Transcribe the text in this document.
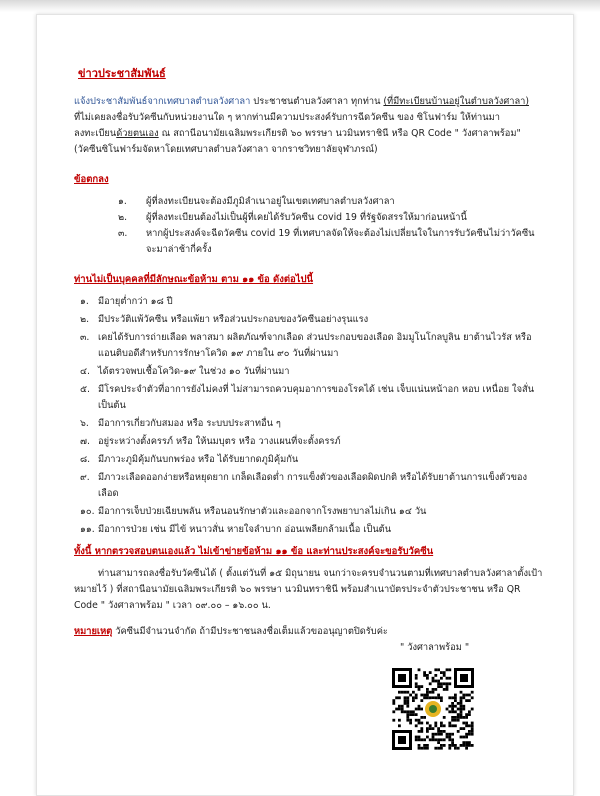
ข่าวประชาสัมพันธ์
แจ้งประชาสัมพันธ์จากเทศบาลตำบลวังศาลา ประชาชนตำบลวังศาลา ทุกท่าน (ที่มีทะเบียนบ้านอยู่ในตำบลวังศาลา)
ที่ไม่เคยลงชื่อรับวัคซีนกับหน่วยงานใด ๆ หากท่านมีความประสงค์รับการฉีดวัคซีน ของ ซิโนฟาร์ม ให้ท่านมา
ลงทะเบียนด้วยตนเอง ณ สถานีอนามัยเฉลิมพระเกียรติ ๖๐ พรรษา นวมินทราชินี หรือ QR Code " วังศาลาพร้อม"
(วัคซีนซิโนฟาร์มจัดหาโดยเทศบาลตำบลวังศาลา จากราชวิทยาลัยจุฬาภรณ์)
ข้อตกลง
๑. ผู้ที่ลงทะเบียนจะต้องมีภูมิลำเนาอยู่ในเขตเทศบาลตำบลวังศาลา
๒. ผู้ที่ลงทะเบียนต้องไม่เป็นผู้ที่เคยได้รับวัคซีน covid 19 ที่รัฐจัดสรรให้มาก่อนหน้านี้
๓. หากผู้ประสงค์จะฉีดวัคซีน covid 19 ที่เทศบาลจัดให้จะต้องไม่เปลี่ยนใจในการรับวัคซีนไม่ว่าวัคซีนจะมาล่าช้ากี่ครั้ง
ท่านไม่เป็นบุคคลที่มีลักษณะข้อห้าม ตาม ๑๑ ข้อ ดังต่อไปนี้
๑. มีอายุต่ำกว่า ๑๘ ปี
๒. มีประวัติแพ้วัคซีน หรือแพ้ยา หรือส่วนประกอบของวัคซีนอย่างรุนแรง
๓. เคยได้รับการถ่ายเลือด พลาสมา ผลิตภัณฑ์จากเลือด ส่วนประกอบของเลือด อิมมูโนโกลบูลิน ยาต้านไวรัส หรือ แอนติบอดีสำหรับการรักษาโควิด ๑๙ ภายใน ๙๐ วันที่ผ่านมา
๔. ได้ตรวจพบเชื้อโควิด-๑๙ ในช่วง ๑๐ วันที่ผ่านมา
๕. มีโรคประจำตัวที่อาการยังไม่คงที่ ไม่สามารถควบคุมอาการของโรคได้ เช่น เจ็บแน่นหน้าอก หอบ เหนื่อย ใจสั่น เป็นต้น
๖. มีอาการเกี่ยวกับสมอง หรือ ระบบประสาทอื่น ๆ
๗. อยู่ระหว่างตั้งครรภ์ หรือ ให้นมบุตร หรือ วางแผนที่จะตั้งครรภ์
๘. มีภาวะภูมิคุ้มกันบกพร่อง หรือ ได้รับยากดภูมิคุ้มกัน
๙. มีภาวะเลือดออกง่ายหรือหยุดยาก เกล็ดเลือดต่ำ การแข็งตัวของเลือดผิดปกติ หรือได้รับยาต้านการแข็งตัวของเลือด
๑๐. มีอาการเจ็บป่วยเฉียบพลัน หรือนอนรักษาตัวและออกจากโรงพยาบาลไม่เกิน ๑๔ วัน
๑๑. มีอาการป่วย เช่น มีไข้ หนาวสั่น หายใจลำบาก อ่อนเพลียกล้ามเนื้อ เป็นต้น
ทั้งนี้ หากตรวจสอบตนเองแล้ว ไม่เข้าข่ายข้อห้าม ๑๑ ข้อ และท่านประสงค์จะขอรับวัคซีน

ท่านสามารถลงชื่อรับวัคซีนได้ ( ตั้งแต่วันที่ ๑๕ มิถุนายน จนกว่าจะครบจำนวนตามที่เทศบาลตำบลวังศาลาตั้งเป้าหมายไว้ ) ที่สถานีอนามัยเฉลิมพระเกียรติ ๖๐ พรรษา นวมินทราชินี พร้อมสำเนาบัตรประจำตัวประชาชน หรือ QR Code " วังศาลาพร้อม " เวลา ๐๙.๐๐ – ๑๖.๐๐ น.

หมายเหตุ วัคซีนมีจำนวนจำกัด ถ้ามีประชาชนลงชื่อเต็มแล้วขออนุญาตปิดรับค่ะ

" วังศาลาพร้อม "
